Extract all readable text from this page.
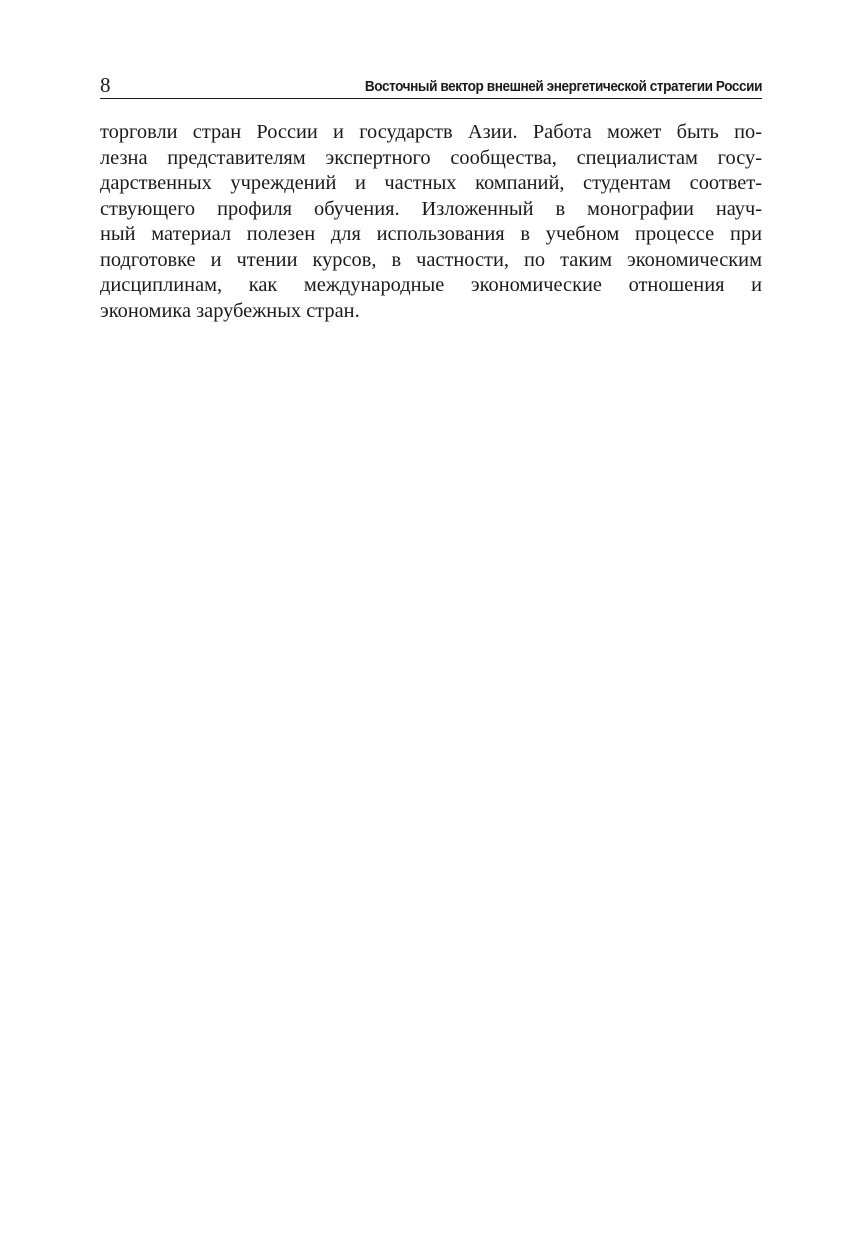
8	Восточный вектор внешней энергетической стратегии России
торговли стран России и государств Азии. Работа может быть по-
лезна представителям экспертного сообщества, специалистам госу-
дарственных учреждений и частных компаний, студентам соответ-
ствующего профиля обучения. Изложенный в монографии науч-
ный материал полезен для использования в учебном процессе при
подготовке и чтении курсов, в частности, по таким экономическим
дисциплинам, как международные экономические отношения и
экономика зарубежных стран.
